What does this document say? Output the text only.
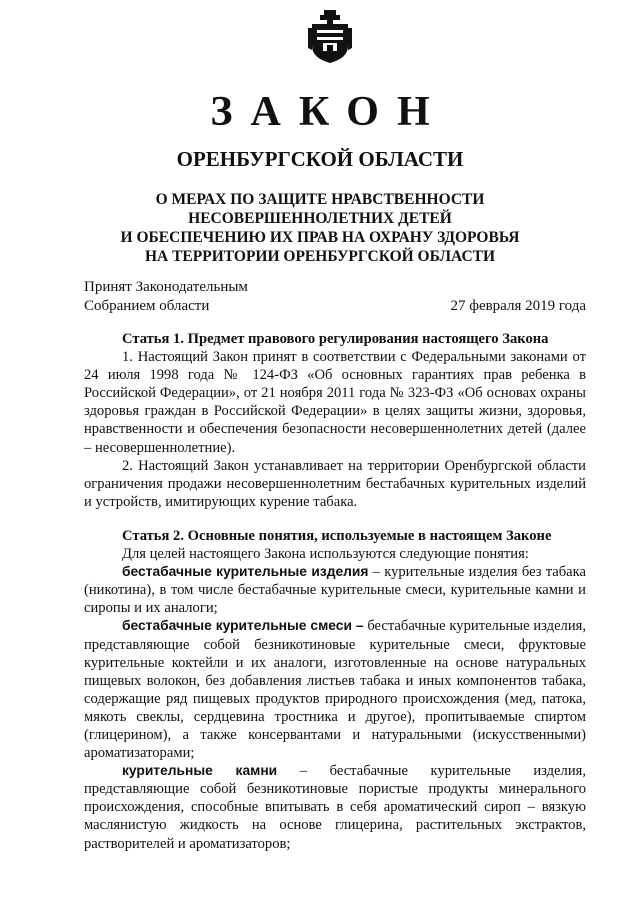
ЗАКОН
ОРЕНБУРГСКОЙ ОБЛАСТИ
О МЕРАХ ПО ЗАЩИТЕ НРАВСТВЕННОСТИ
НЕСОВЕРШЕННОЛЕТНИХ ДЕТЕЙ
И ОБЕСПЕЧЕНИЮ ИХ ПРАВ НА ОХРАНУ ЗДОРОВЬЯ
НА ТЕРРИТОРИИ ОРЕНБУРГСКОЙ ОБЛАСТИ
Принят Законодательным
Собранием области	27 февраля 2019 года

Статья 1. Предмет правового регулирования настоящего Закона

1. Настоящий Закон принят в соответствии с Федеральными законами от 24 июля 1998 года № 124-ФЗ «Об основных гарантиях прав ребенка в Российской Федерации», от 21 ноября 2011 года № 323-ФЗ «Об основах охраны здоровья граждан в Российской Федерации» в целях защиты жизни, здоровья, нравственности и обеспечения безопасности несовершеннолетних детей (далее – несовершеннолетние).

2. Настоящий Закон устанавливает на территории Оренбургской области ограничения продажи несовершеннолетним бестабачных курительных изделий и устройств, имитирующих курение табака.

Статья 2. Основные понятия, используемые в настоящем Законе

Для целей настоящего Закона используются следующие понятия:

бестабачные курительные изделия – курительные изделия без табака (никотина), в том числе бестабачные курительные смеси, курительные камни и сиропы и их аналоги;

бестабачные курительные смеси – бестабачные курительные изделия, представляющие собой безникотиновые курительные смеси, фруктовые курительные коктейли и их аналоги, изготовленные на основе натуральных пищевых волокон, без добавления листьев табака и иных компонентов табака, содержащие ряд пищевых продуктов природного происхождения (мед, патока, мякоть свеклы, сердцевина тростника и другое), пропитываемые спиртом (глицерином), а также консервантами и натуральными (искусственными) ароматизаторами;

курительные камни – бестабачные курительные изделия, представляющие собой безникотиновые пористые продукты минерального происхождения, способные впитывать в себя ароматический сироп – вязкую маслянистую жидкость на основе глицерина, растительных экстрактов, растворителей и ароматизаторов;
